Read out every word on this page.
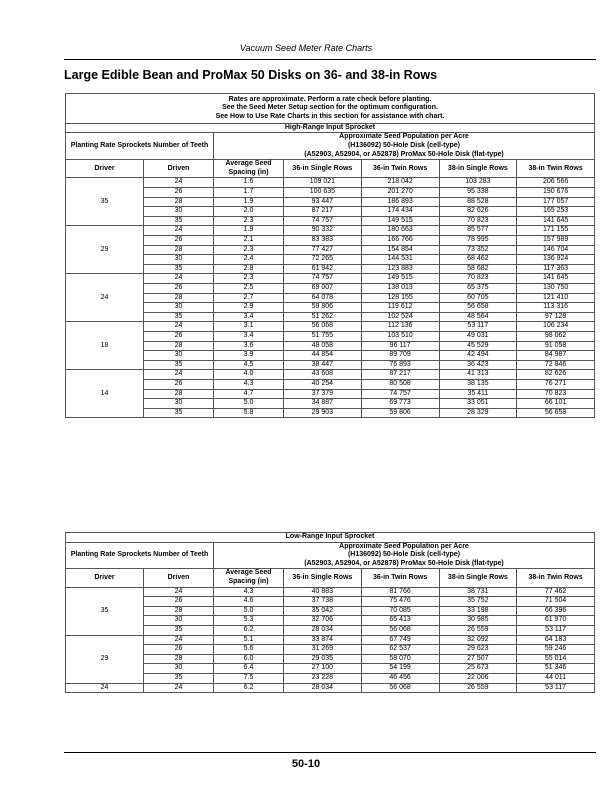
Vacuum Seed Meter Rate Charts
Large Edible Bean and ProMax 50 Disks on 36- and 38-in Rows
Rates are approximate. Perform a rate check before planting.
See the Seed Meter Setup section for the optimum configuration.
See How to Use Rate Charts in this section for assistance with chart.						

High-Range Input Sprocket						
Planting Rate Sprockets Number of Teeth		Approximate Seed Population per Acre
(H136092) 50-Hole Disk (cell-type)
(A52903, A52904, or A52878) ProMax 50-Hole Disk (flat-type)				

Driver	Driven	Average Seed Spacing (in)	36-in Single Rows	36-in Twin Rows	38-in Single Rows	38-in Twin Rows
	24	1.6	109 021	218 042	103 283	206 566
	26	1.7	100 635	201 270	95 338	190 676
35	28	1.9	93 447	186 893	88 528	177 057
	30	2.0	87 217	174 434	82 626	165 253
	35	2.3	74 757	149 515	70 823	141 645
	24	1.9	90 332	180 663	85 577	171 155
	26	2.1	83 383	166 766	78 995	157 989
29	28	2.3	77 427	154 854	73 352	146 704
	30	2.4	72 265	144 531	68 462	136 924
	35	2.8	61 942	123 883	58 682	117 363
	24	2.3	74 757	149 515	70 823	141 645
	26	2.5	69 007	138 013	65 375	130 750
24	28	2.7	64 078	128 155	60 705	121 410
	30	2.9	59 806	119 612	56 658	113 316
	35	3.4	51 262	102 524	48 564	97 128
	24	3.1	56 068	112 136	53 117	106 234
	26	3.4	51 755	103 510	49 031	98 062
18	28	3.6	48 058	96 117	45 529	91 058
	30	3.9	44 854	89 709	42 494	84 987
	35	4.5	38 447	76 893	36 423	72 846
	24	4.0	43 608	87 217	41 313	82 626
	26	4.3	40 254	80 508	38 135	76 271
14	28	4.7	37 379	74 757	35 411	70 823
	30	5.0	34 887	69 773	33 051	66 101
	35	5.8	29 903	59 806	28 329	56 658
Low-Range Input Sprocket						
Planting Rate Sprockets Number of Teeth		Approximate Seed Population per Acre
(H136092) 50-Hole Disk (cell-type)
(A52903, A52904, or A52878) ProMax 50-Hole Disk (flat-type)				

Driver	Driven	Average Seed Spacing (in)	36-in Single Rows	36-in Twin Rows	38-in Single Rows	38-in Twin Rows
	24	4.3	40 883	81 766	38 731	77 462
	26	4.6	37 738	75 476	35 752	71 504
35	28	5.0	35 042	70 085	33 198	66 396
	30	5.3	32 706	65 413	30 985	61 970
	35	6.2	28 034	56 068	26 559	53 117
	24	5.1	33 874	67 749	32 092	64 183
	26	5.6	31 269	62 537	29 623	59 246
29	28	6.0	29 035	58 070	27 507	55 014
	30	6.4	27 100	54 199	25 673	51 346
	35	7.5	23 228	46 456	22 006	44 011
24	24	6.2	28 034	56 068	26 559	53 117
50-10
